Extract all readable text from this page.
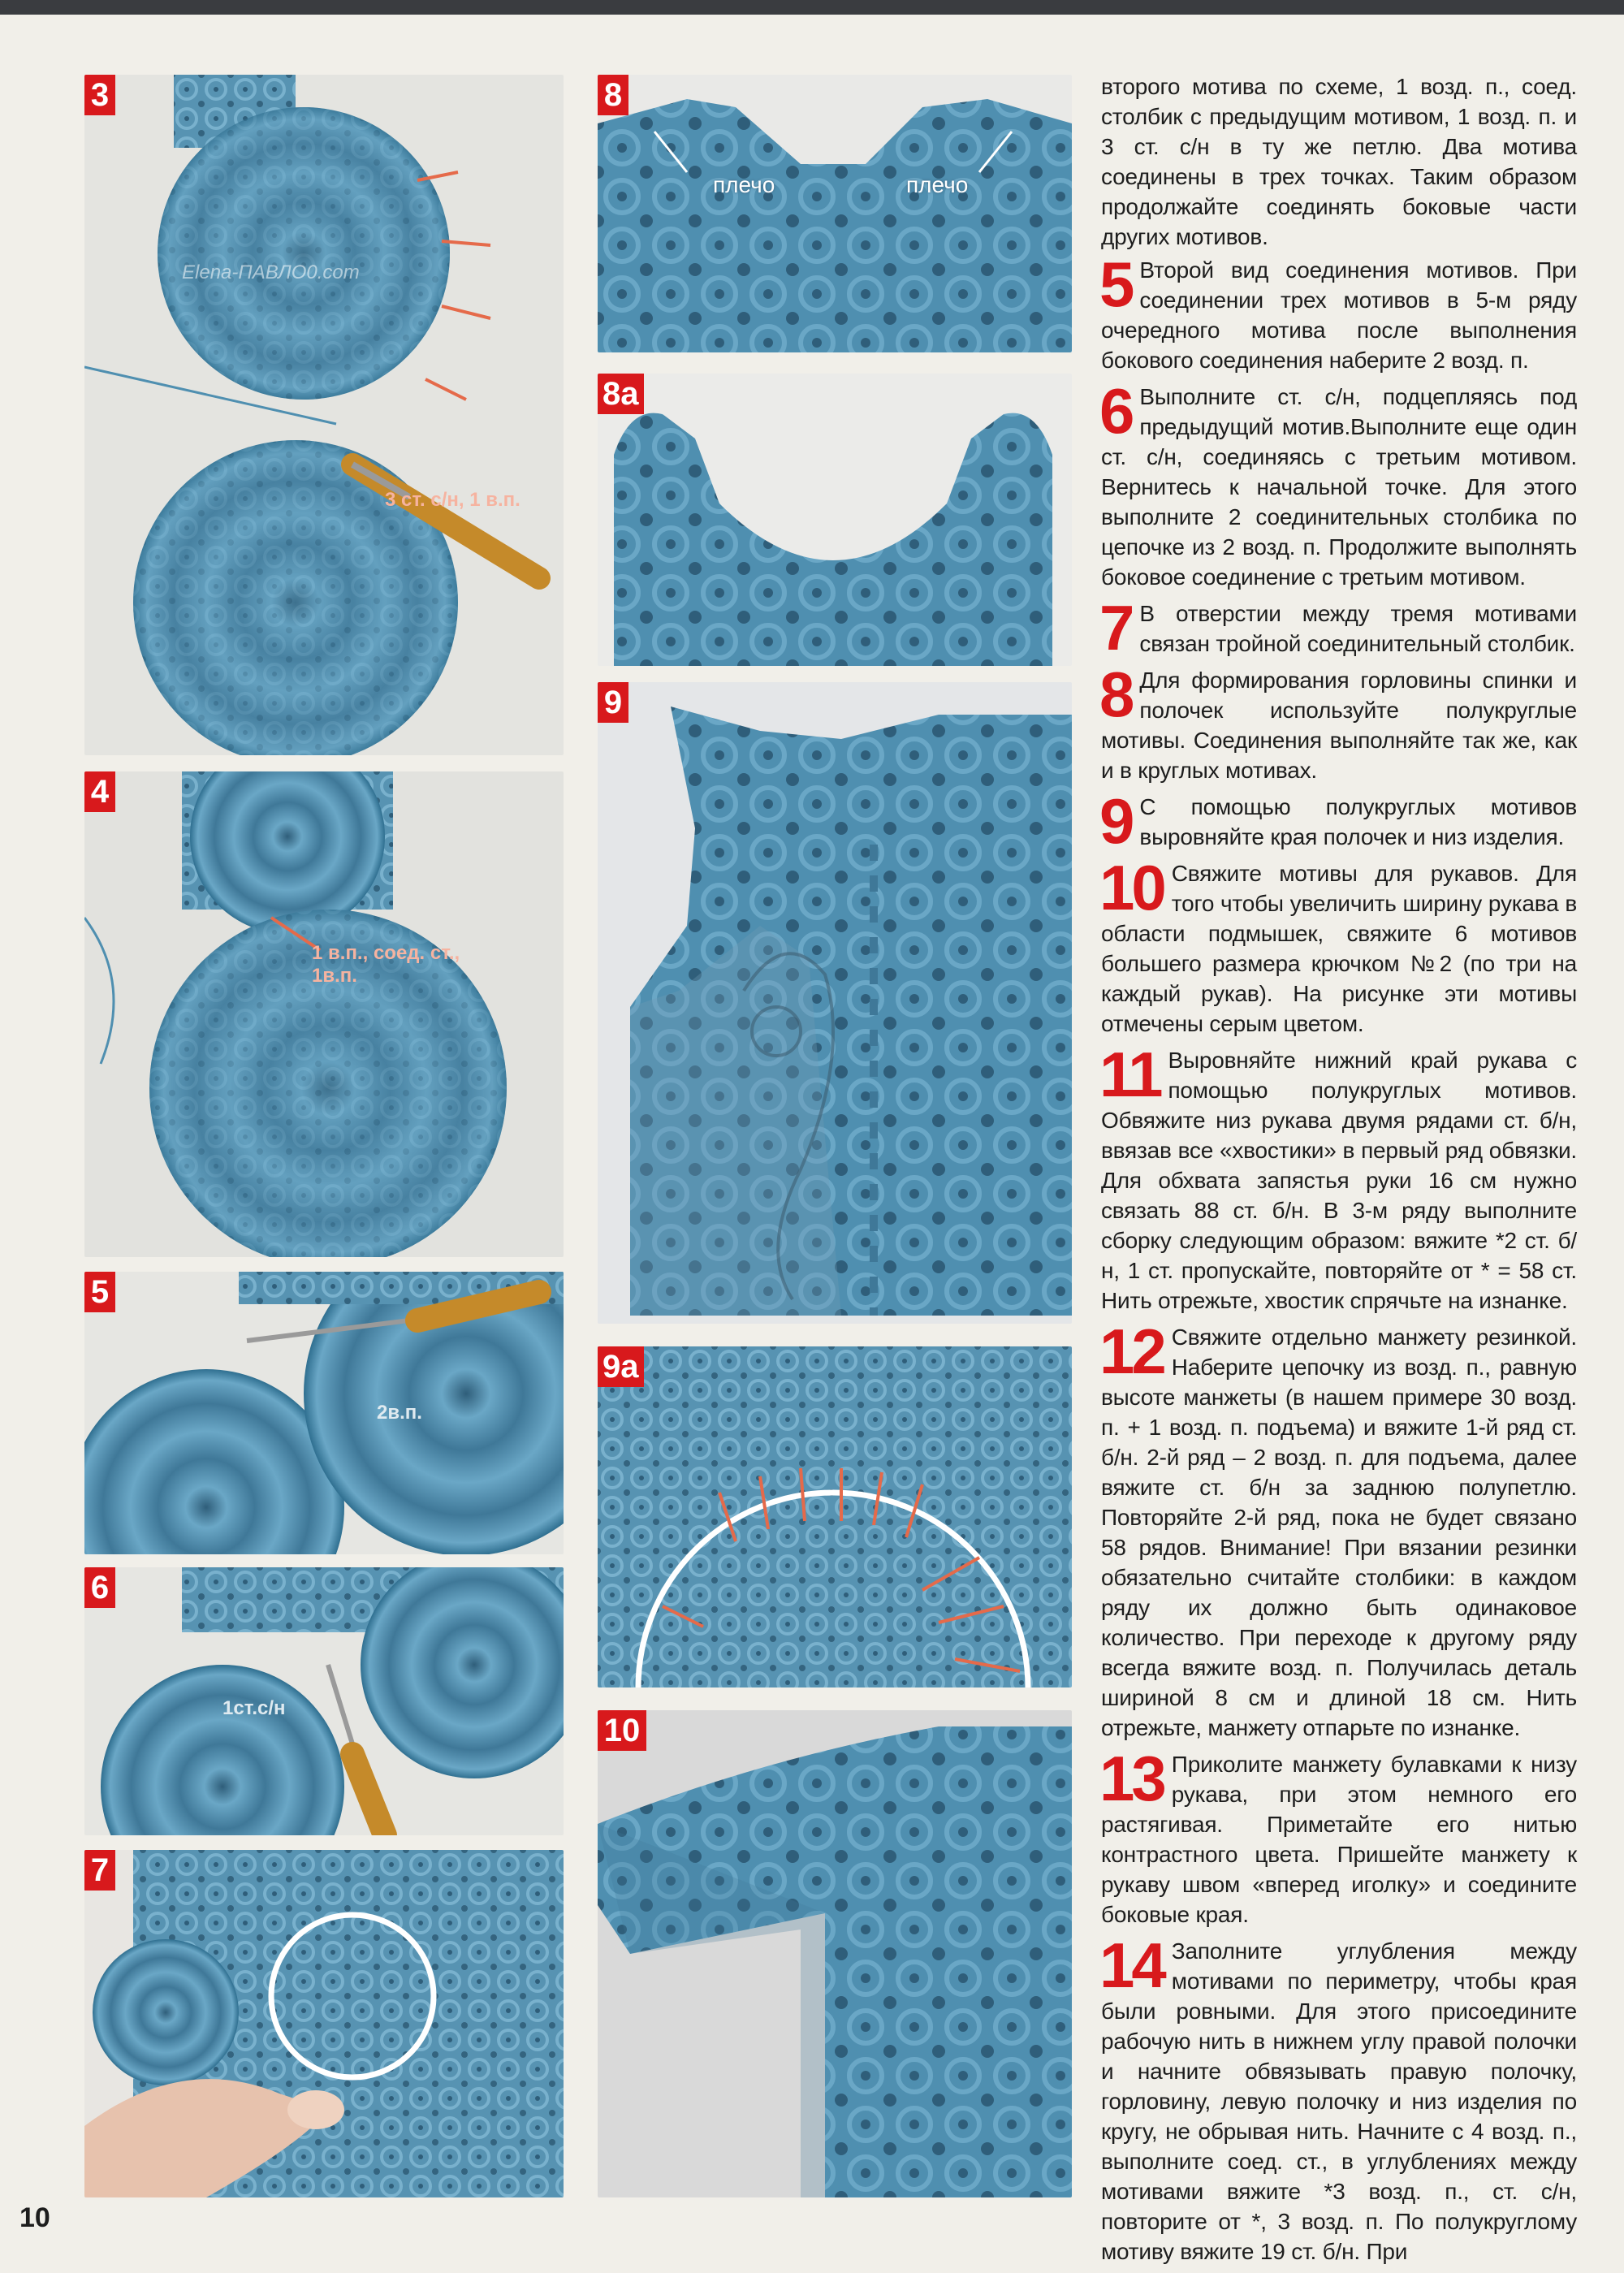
3
Elena-ПАВЛО0.com
3 ст. с/н, 1 в.п.
4
1 в.п., соед. ст., 1в.п.
5
2в.п.
6
1ст.с/н
7
8
плечо	плечо
8а
9
9а
10

второго мотива по схеме, 1 возд. п., соед. столбик с предыдущим мотивом, 1 возд. п. и 3 ст. с/н в ту же петлю. Два мотива соединены в трех точках. Таким образом продолжайте соединять боковые части других мотивов.

5 Второй вид соединения мотивов. При соединении трех мотивов в 5-м ряду очередного мотива после выполнения бокового соединения наберите 2 возд. п.
6 Выполните ст. с/н, подцепляясь под предыдущий мотив.Выполните еще один ст. с/н, соединяясь с третьим мотивом. Вернитесь к начальной точке. Для этого выполните 2 соединительных столбика по цепочке из 2 возд. п. Продолжите выполнять боковое соединение с третьим мотивом.
7 В отверстии между тремя мотивами связан тройной соединительный столбик.
8 Для формирования горловины спинки и полочек используйте полукруглые мотивы. Соединения выполняйте так же, как и в круглых мотивах.
9 С помощью полукруглых мотивов выровняйте края полочек и низ изделия.
10 Свяжите мотивы для рукавов. Для того чтобы увеличить ширину рукава в области подмышек, свяжите 6 мотивов большего размера крючком №2 (по три на каждый рукав). На рисунке эти мотивы отмечены серым цветом.
11 Выровняйте нижний край рукава с помощью полукруглых мотивов. Обвяжите низ рукава двумя рядами ст. б/н, ввязав все «хвостики» в первый ряд обвязки. Для обхвата запястья руки 16 см нужно связать 88 ст. б/н. В 3-м ряду выполните сборку следующим образом: вяжите *2 ст. б/н, 1 ст. пропускайте, повторяйте от * = 58 ст. Нить отрежьте, хвостик спрячьте на изнанке.
12 Свяжите отдельно манжету резинкой. Наберите цепочку из возд. п., равную высоте манжеты (в нашем примере 30 возд. п. + 1 возд. п. подъема) и вяжите 1-й ряд ст. б/н. 2-й ряд – 2 возд. п. для подъема, далее вяжите ст. б/н за заднюю полупетлю. Повторяйте 2-й ряд, пока не будет связано 58 рядов. Внимание! При вязании резинки обязательно считайте столбики: в каждом ряду их должно быть одинаковое количество. При переходе к другому ряду всегда вяжите возд. п. Получилась деталь шириной 8 см и длиной 18 см. Нить отрежьте, манжету отпарьте по изнанке.
13 Приколите манжету булавками к низу рукава, при этом немного его растягивая. Приметайте его нитью контрастного цвета. Пришейте манжету к рукаву швом «вперед иголку» и соедините боковые края.
14 Заполните углубления между мотивами по периметру, чтобы края были ровными. Для этого присоедините рабочую нить в нижнем углу правой полочки и начните обвязывать правую полочку, горловину, левую полочку и низ изделия по кругу, не обрывая нить. Начните с 4 возд. п., выполните соед. ст., в углублениях между мотивами вяжите *3 возд. п., ст. с/н, повторите от *, 3 возд. п. По полукруглому мотиву вяжите 19 ст. б/н. При
10
